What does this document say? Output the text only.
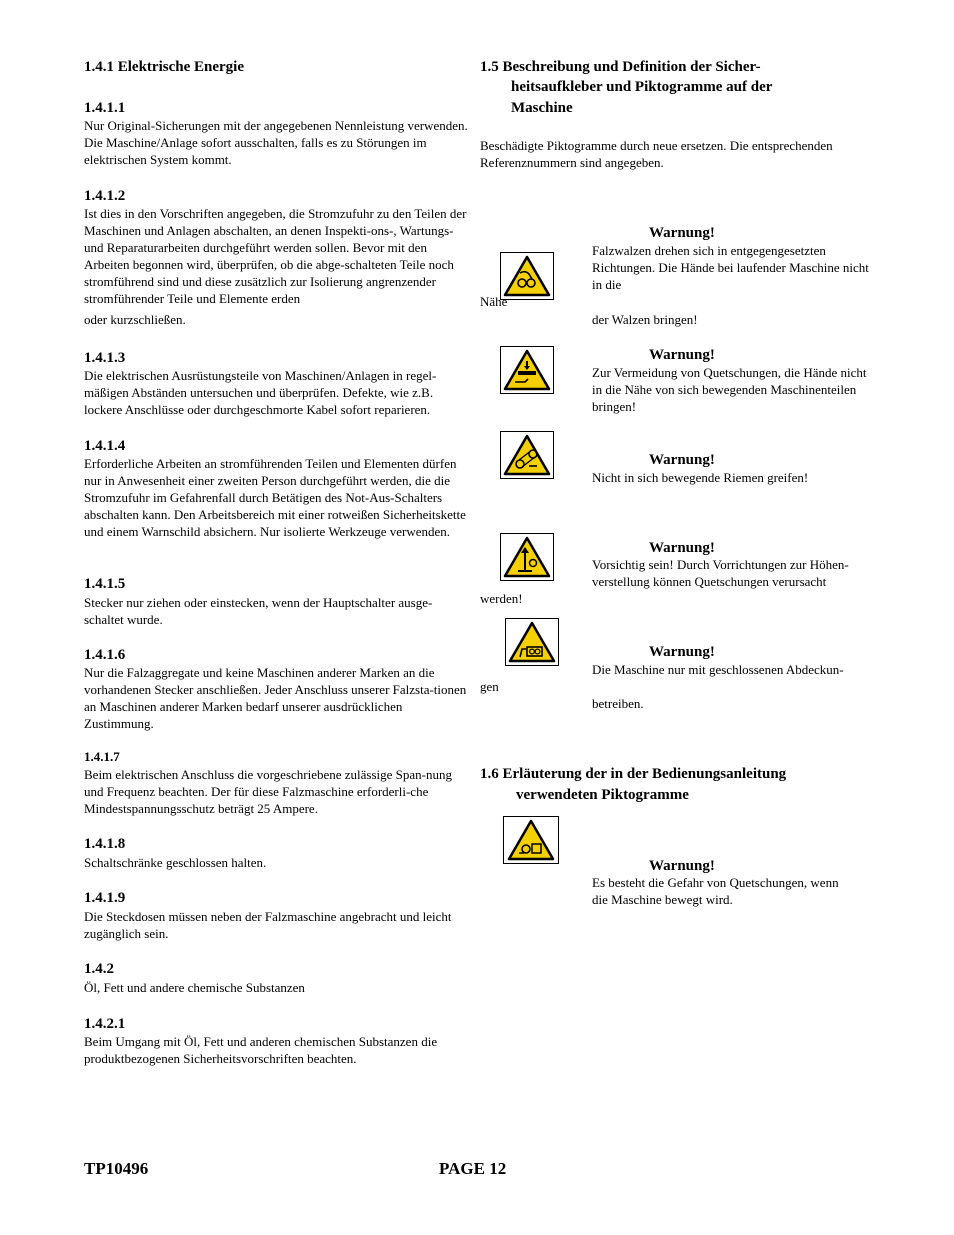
1.4.1 Elektrische Energie
1.4.1.1
Nur Original-Sicherungen mit der angegebenen Nennleistung verwenden. Die Maschine/Anlage sofort ausschalten, falls es zu Störungen im elektrischen System kommt.
1.4.1.2
Ist dies in den Vorschriften angegeben, die Stromzufuhr zu den Teilen der Maschinen und Anlagen abschalten, an denen Inspekti-ons-, Wartungs- und Reparaturarbeiten durchgeführt werden sollen. Bevor mit den Arbeiten begonnen wird, überprüfen, ob die abge-schalteten Teile noch stromführend sind und diese zusätzlich zur Isolierung angrenzender stromführender Teile und Elemente erden
oder kurzschließen.
1.4.1.3
Die elektrischen Ausrüstungsteile von Maschinen/Anlagen in regel-mäßigen Abständen untersuchen und überprüfen. Defekte, wie z.B. lockere Anschlüsse oder durchgeschmorte Kabel sofort reparieren.
1.4.1.4
Erforderliche Arbeiten an stromführenden Teilen und Elementen dürfen nur in Anwesenheit einer zweiten Person durchgeführt werden, die die Stromzufuhr im Gefahrenfall durch Betätigen des Not-Aus-Schalters abschalten kann. Den Arbeitsbereich mit einer rotweißen Sicherheitskette und einem Warnschild absichern. Nur isolierte Werkzeuge verwenden.
1.4.1.5
Stecker nur ziehen oder einstecken, wenn der Hauptschalter ausge-schaltet wurde.
1.4.1.6
Nur die Falzaggregate und keine Maschinen anderer Marken an die vorhandenen Stecker anschließen. Jeder Anschluss unserer Falzsta-tionen an Maschinen anderer Marken bedarf unserer ausdrücklichen Zustimmung.
1.4.1.7
Beim elektrischen Anschluss die vorgeschriebene zulässige Span-nung und Frequenz beachten. Der für diese Falzmaschine erforderli-che Mindestspannungsschutz beträgt 25 Ampere.
1.4.1.8
Schaltschränke geschlossen halten.
1.4.1.9
Die Steckdosen müssen neben der Falzmaschine angebracht und leicht zugänglich sein.
1.4.2
Öl, Fett und andere chemische Substanzen
1.4.2.1
Beim Umgang mit Öl, Fett und anderen chemischen Substanzen die produktbezogenen Sicherheitsvorschriften beachten.
1.5 Beschreibung und Definition der Sicher-
heitsaufkleber und Piktogramme auf der
Maschine
Beschädigte Piktogramme durch neue ersetzen. Die entsprechenden Referenznummern sind angegeben.
Warnung!
Falzwalzen drehen sich in entgegengesetzten Richtungen. Die Hände bei laufender Maschine nicht in die
Nähe
der Walzen bringen!
Warnung!
Zur Vermeidung von Quetschungen, die Hände nicht in die Nähe von sich bewegenden Maschinenteilen bringen!
Warnung!
Nicht in sich bewegende Riemen greifen!
Warnung!
Vorsichtig sein! Durch Vorrichtungen zur Höhen-verstellung können Quetschungen verursacht
werden!
Warnung!
Die Maschine nur mit geschlossenen Abdeckun-
gen
betreiben.
1.6 Erläuterung der in der Bedienungsanleitung
verwendeten Piktogramme
Warnung!
Es besteht die Gefahr von Quetschungen, wenn die Maschine bewegt wird.
TP10496	PAGE 12
